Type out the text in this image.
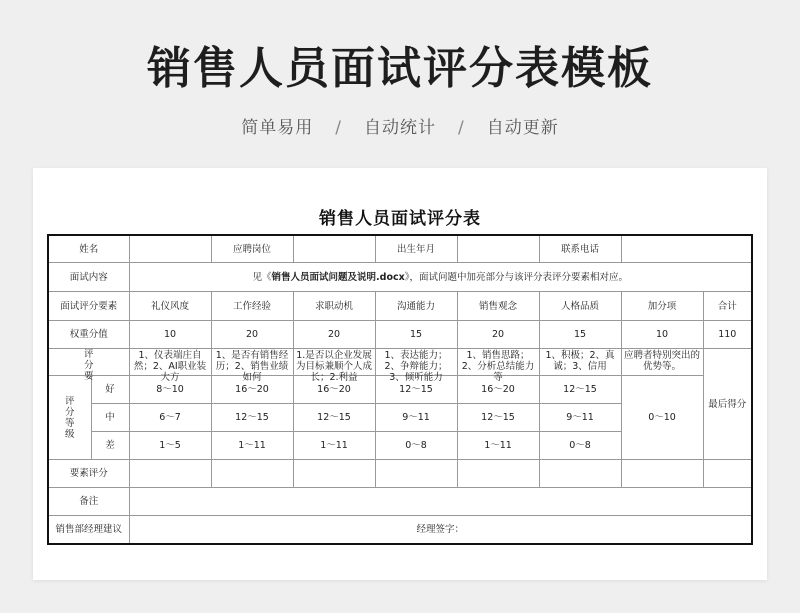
销售人员面试评分表模板
简单易用 / 自动统计 / 自动更新
销售人员面试评分表
姓名			应聘岗位		出生年月		联系电话		
面试内容		见《销售人员面试问题及说明.docx》，面试问题中加亮部分与该评分表评分要素相对应。							
面试评分要素		礼仪风度	工作经验	求职动机	沟通能力	销售观念	人格品质	加分项	合计
权重分值		10	20	20	15	20	15	10	110

评分要		1、仪表端庄自然；2、AI职业装大方	1、是否有销售经历；2、销售业绩如何	1.是否以企业发展为目标兼顺个人成长；2.利益	1、表达能力；2、争辩能力；3、倾听能力	1、销售思路；2、分析总结能力等	1、积极；2、真诚；3、信用	应聘者特别突出的优势等。	最后得分
评分等级	好	8～10	16～20	16～20	12～15	16～20	12～15	0～10	
	中	6～7	12～15	12～15	9～11	12～15	9～11		
	差	1～5	1～11	1～11	0～8	1～11	0～8		
要素评分									
备注									
销售部经理建议		经理签字：							
